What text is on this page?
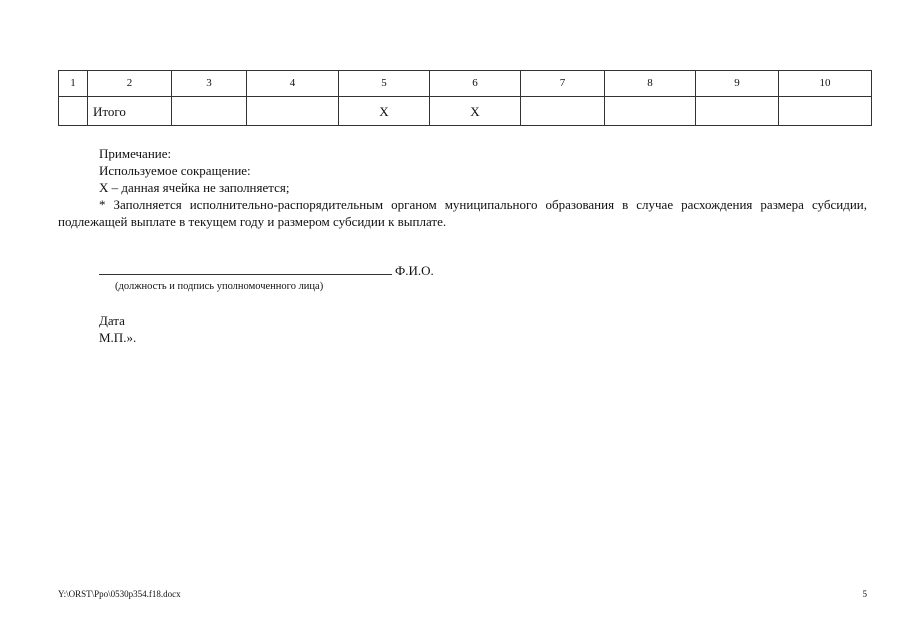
1	2	3	4	5	6	7	8	9	10
	Итого			Х	Х				

Примечание:

Используемое сокращение:

Х – данная ячейка не заполняется;

* Заполняется исполнительно-распорядительным органом муниципального образования в случае расхождения размера субсидии, подлежащей выплате в текущем году и размером субсидии к выплате.

Ф.И.О.
(должность и подпись уполномоченного лица)
Дата
М.П.».
Y:\ORST\Ppo\0530p354.f18.docx	5
